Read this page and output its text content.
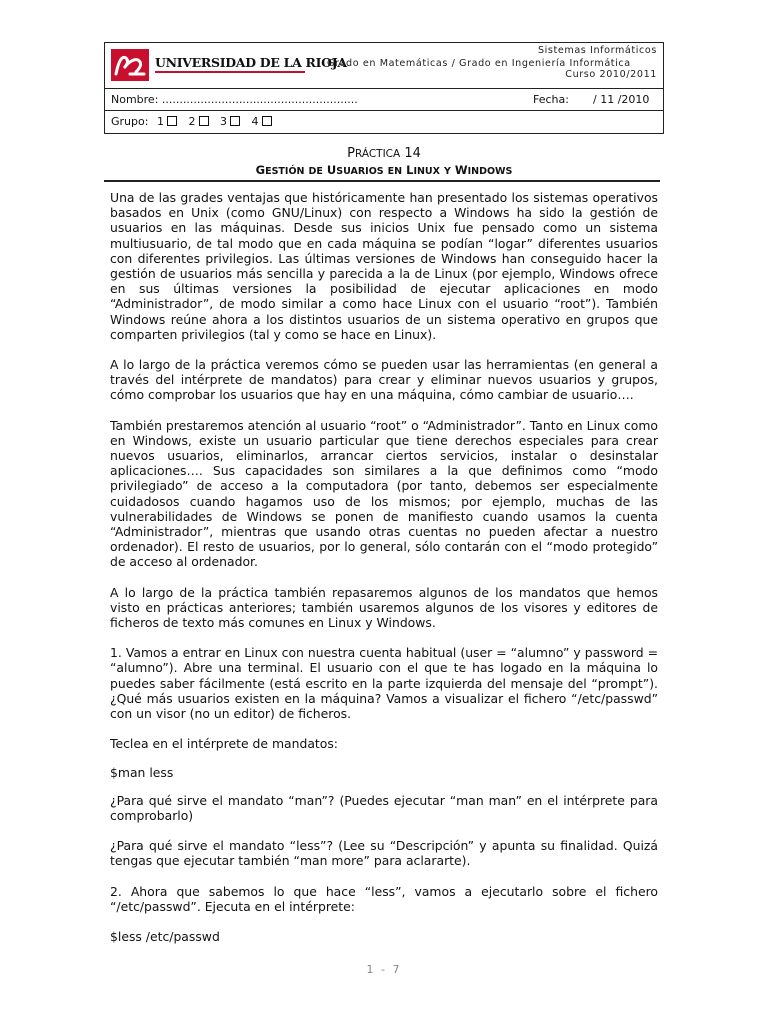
UNIVERSIDAD DE LA RIOJA
Grado en Matemáticas / Grado en Ingeniería Informática
Sistemas Informáticos
Curso 2010/2011
Nombre: ........................................................	Fecha: / 11 /2010
Grupo: 1 2 3 4
PRÁCTICA 14
GESTIÓN DE USUARIOS EN LINUX Y WINDOWS

Una de las grades ventajas que históricamente han presentado los sistemas operativos basados en Unix (como GNU/Linux) con respecto a Windows ha sido la gestión de usuarios en las máquinas. Desde sus inicios Unix fue pensado como un sistema multiusuario, de tal modo que en cada máquina se podían “logar” diferentes usuarios con diferentes privilegios. Las últimas versiones de Windows han conseguido hacer la gestión de usuarios más sencilla y parecida a la de Linux (por ejemplo, Windows ofrece en sus últimas versiones la posibilidad de ejecutar aplicaciones en modo “Administrador”, de modo similar a como hace Linux con el usuario “root”). También Windows reúne ahora a los distintos usuarios de un sistema operativo en grupos que comparten privilegios (tal y como se hace en Linux).

A lo largo de la práctica veremos cómo se pueden usar las herramientas (en general a través del intérprete de mandatos) para crear y eliminar nuevos usuarios y grupos, cómo comprobar los usuarios que hay en una máquina, cómo cambiar de usuario….

También prestaremos atención al usuario “root” o “Administrador”. Tanto en Linux como en Windows, existe un usuario particular que tiene derechos especiales para crear nuevos usuarios, eliminarlos, arrancar ciertos servicios, instalar o desinstalar aplicaciones…. Sus capacidades son similares a la que definimos como “modo privilegiado” de acceso a la computadora (por tanto, debemos ser especialmente cuidadosos cuando hagamos uso de los mismos; por ejemplo, muchas de las vulnerabilidades de Windows se ponen de manifiesto cuando usamos la cuenta “Administrador”, mientras que usando otras cuentas no pueden afectar a nuestro ordenador). El resto de usuarios, por lo general, sólo contarán con el “modo protegido” de acceso al ordenador.

A lo largo de la práctica también repasaremos algunos de los mandatos que hemos visto en prácticas anteriores; también usaremos algunos de los visores y editores de ficheros de texto más comunes en Linux y Windows.

1. Vamos a entrar en Linux con nuestra cuenta habitual (user = “alumno” y password = “alumno”). Abre una terminal. El usuario con el que te has logado en la máquina lo puedes saber fácilmente (está escrito en la parte izquierda del mensaje del “prompt”). ¿Qué más usuarios existen en la máquina? Vamos a visualizar el fichero “/etc/passwd” con un visor (no un editor) de ficheros.

Teclea en el intérprete de mandatos:

$man less

¿Para qué sirve el mandato “man”? (Puedes ejecutar “man man” en el intérprete para comprobarlo)

¿Para qué sirve el mandato “less”? (Lee su “Descripción” y apunta su finalidad. Quizá tengas que ejecutar también “man more” para aclararte).

2. Ahora que sabemos lo que hace “less”, vamos a ejecutarlo sobre el fichero “/etc/passwd”. Ejecuta en el intérprete:

$less /etc/passwd

1 - 7
